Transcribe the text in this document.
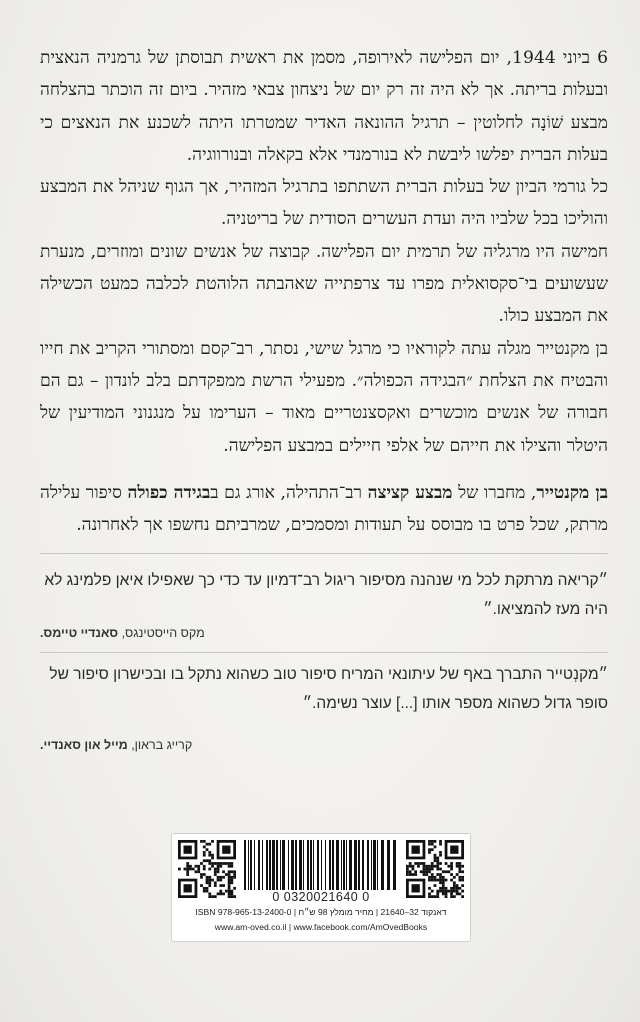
6 ביוני 1944, יום הפלישה לאירופה, מסמן את ראשית תבוסתן של גרמניה הנאצית ובעלות בריתה. אך לא היה זה רק יום של ניצחון צבאי מזהיר. ביום זה הוכתר בהצלחה מבצע שׁוֹנָה לחלוטין – תרגיל ההונאה האדיר שמטרתו היתה לשכנע את הנאצים כי בעלות הברית יפלשו ליבשת לא בנורמנדי אלא בקאלה ובנורווגיה.

כל גורמי הביון של בעלות הברית השתתפו בתרגיל המזהיר, אך הגוף שניהל את המבצע והוליכו בכל שלביו היה ועדת העשרים הסודית של בריטניה.

חמישה היו מרגליה של תרמית יום הפלישה. קבוצה של אנשים שונים ומוזרים, מנערת שעשועים בי־סקסואלית מפרו עד צרפתייה שאהבתה הלוהטת לכלבה כמעט הכשילה את המבצע כולו.

בן מקנטייר מגלה עתה לקוראיו כי מרגל שישי, נסתר, רב־קסם ומסתורי הקריב את חייו והבטיח את הצלחת ״הבגידה הכפולה״. מפעילי הרשת ממפקדתם בלב לונדון – גם הם חבורה של אנשים מוכשרים ואקסצנטריים מאוד – הערימו על מנגנוני המודיעין של היטלר והצילו את חייהם של אלפי חיילים במבצע הפלישה.

בן מקנטייר, מחברו של מבצע קציצה רב־התהילה, אורג גם בבגידה כפולה סיפור עלילה מרתק, שכל פרט בו מבוסס על תעודות ומסמכים, שמרביתם נחשפו אך לאחרונה.

״קריאה מרתקת לכל מי שנהנה מסיפור ריגול רב־דמיון עד כדי כך שאפילו איאן פלמינג לא היה מעז להמציאו.״

מקס הייסטינגס, סאנדיי טיימס.

״מקנְטייר התברך באף של עיתונאי המריח סיפור טוב כשהוא נתקל בו ובכישרון סיפור של סופר גדול כשהוא מספר אותו [...] עוצר נשימה.״

קרייג בראון, מייל און סאנדיי.
0 0320021640 0
ISBN 978-965-13-2400-0 | דאנקוד 32–21640 | מחיר מומלץ 98 ש״ח
www.am-oved.co.il | www.facebook.com/AmOvedBooks
